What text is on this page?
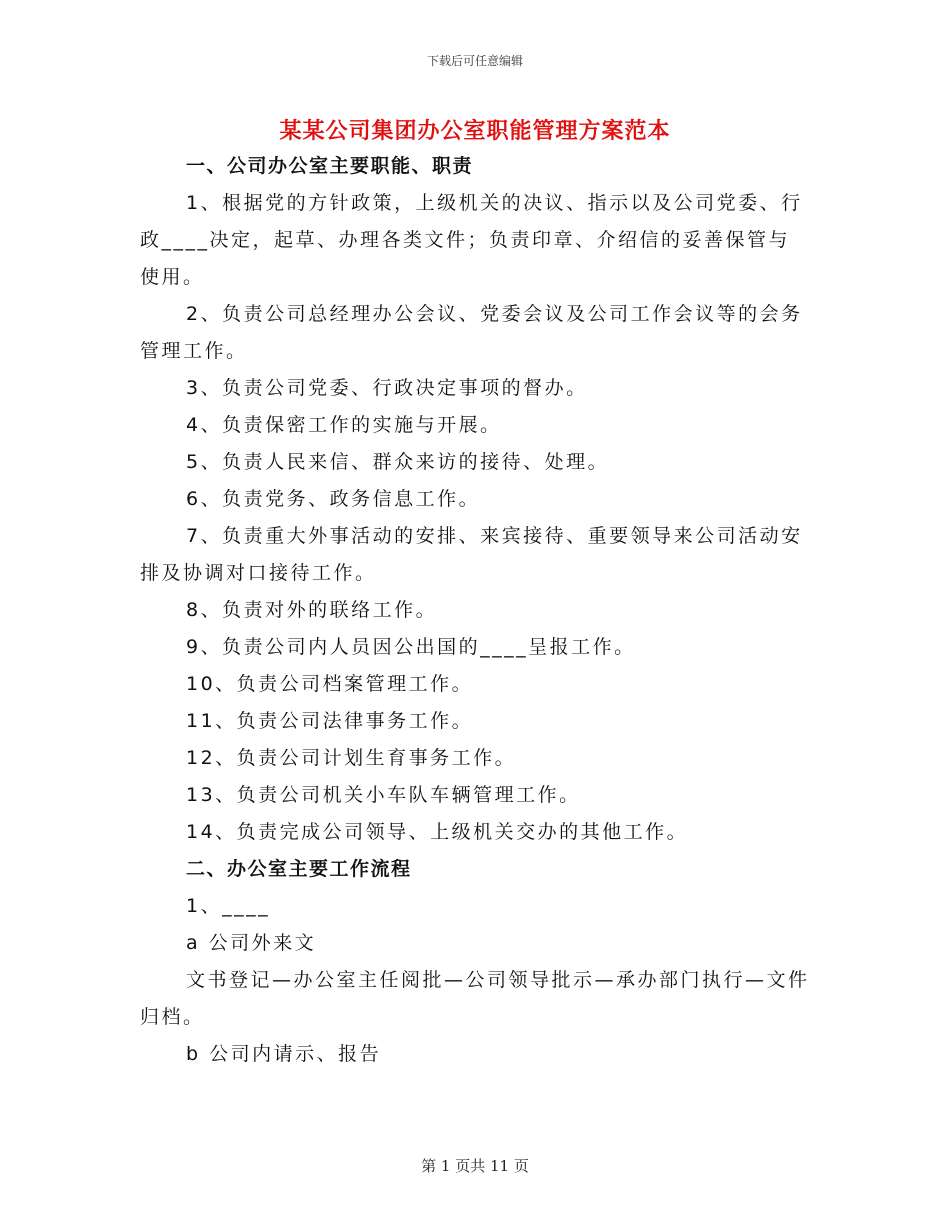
下载后可任意编辑
某某公司集团办公室职能管理方案范本

一、公司办公室主要职能、职责

1、根据党的方针政策，上级机关的决议、指示以及公司党委、行政____决定，起草、办理各类文件；负责印章、介绍信的妥善保管与使用。

2、负责公司总经理办公会议、党委会议及公司工作会议等的会务管理工作。

3、负责公司党委、行政决定事项的督办。

4、负责保密工作的实施与开展。

5、负责人民来信、群众来访的接待、处理。

6、负责党务、政务信息工作。

7、负责重大外事活动的安排、来宾接待、重要领导来公司活动安排及协调对口接待工作。

8、负责对外的联络工作。

9、负责公司内人员因公出国的____呈报工作。

10、负责公司档案管理工作。

11、负责公司法律事务工作。

12、负责公司计划生育事务工作。

13、负责公司机关小车队车辆管理工作。

14、负责完成公司领导、上级机关交办的其他工作。

二、办公室主要工作流程

1、____

a 公司外来文

文书登记—办公室主任阅批—公司领导批示—承办部门执行—文件归档。

b 公司内请示、报告

第 1 页共 11 页
